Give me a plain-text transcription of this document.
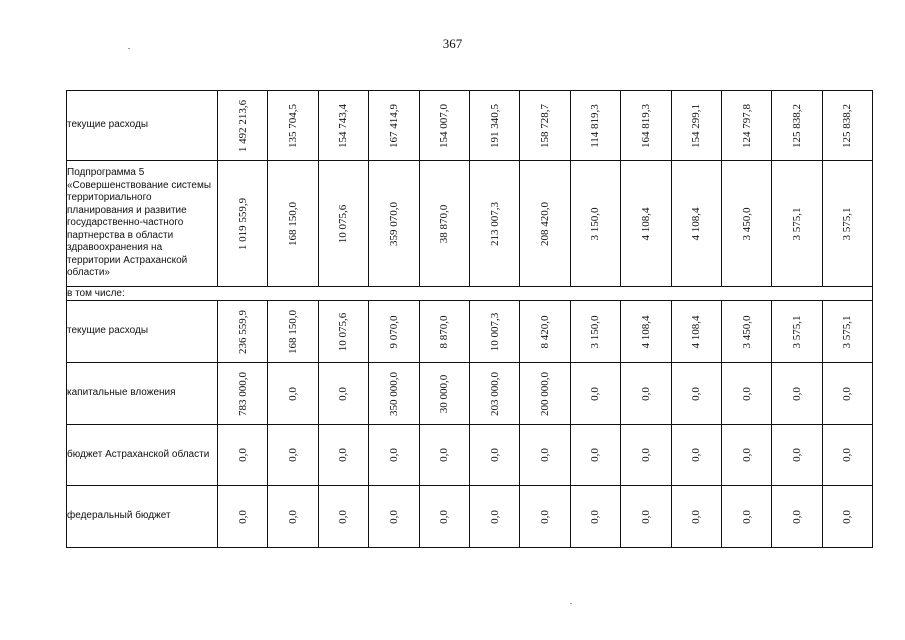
367
текущие расходы	1 492 213,6	135 704,5	154 743,4	167 414,9	154 007,0	191 340,5	158 728,7	114 819,3	164 819,3	154 299,1	124 797,8	125 838,2	125 838,2

Подпрограмма 5 «Совершенствование системы территориального планирования и развитие государственно-частного партнерства в области здравоохранения на территории Астраханской области»	1 019 559,9	168 150,0	10 075,6	359 070,0	38 870,0	213 007,3	208 420,0	3 150,0	4 108,4	4 108,4	3 450,0	3 575,1	3 575,1

в том числе:													
текущие расходы	236 559,9	168 150,0	10 075,6	9 070,0	8 870,0	10 007,3	8 420,0	3 150,0	4 108,4	4 108,4	3 450,0	3 575,1	3 575,1

капитальные вложения	783 000,0	0,0	0,0	350 000,0	30 000,0	203 000,0	200 000,0	0,0	0,0	0,0	0,0	0,0	0,0

бюджет Астраханской области	0,0	0,0	0,0	0,0	0,0	0,0	0,0	0,0	0,0	0,0	0,0	0,0	0,0

федеральный бюджет	0,0	0,0	0,0	0,0	0,0	0,0	0,0	0,0	0,0	0,0	0,0	0,0	0,0
